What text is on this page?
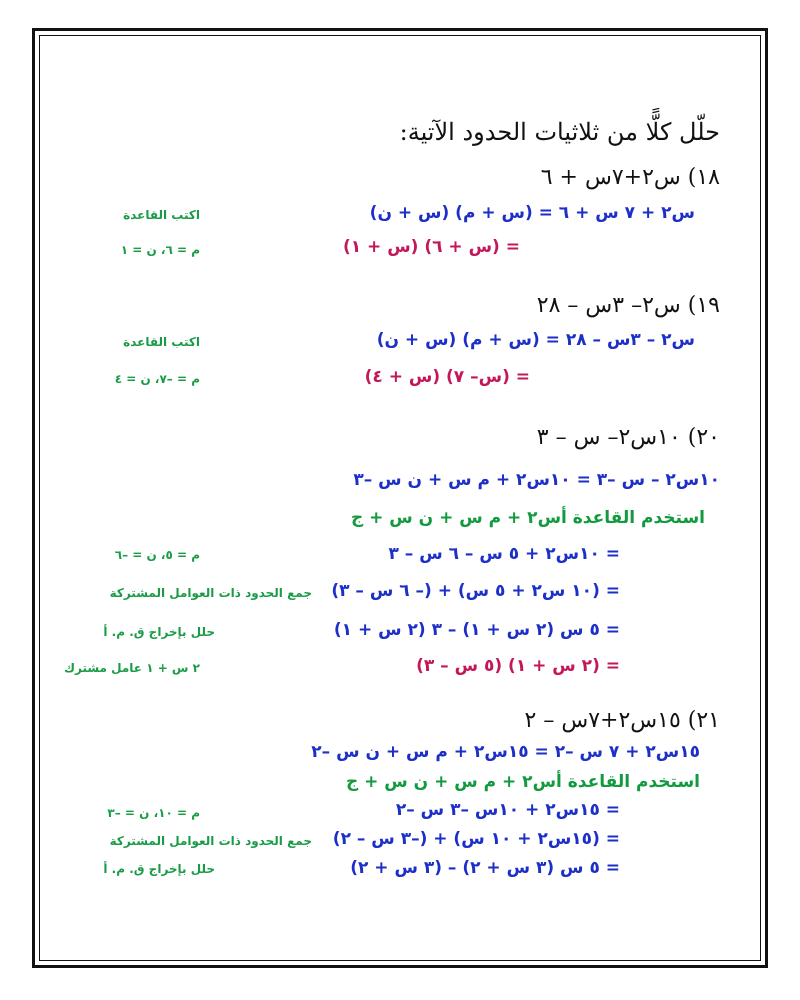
حلّل كلًّا من ثلاثيات الحدود الآتية:
١٨) س٢+٧س + ٦
س٢ + ٧ س + ٦ = (س + م) (س + ن)
اكتب القاعدة
= (س + ٦) (س + ١)
م = ٦، ن = ١
١٩) س٢– ٣س – ٢٨
س٢ – ٣س – ٢٨ = (س + م) (س + ن)
اكتب القاعدة
= (س– ٧) (س + ٤)
م = –٧، ن = ٤
٢٠) ١٠س٢– س – ٣
١٠س٢ – س –٣ = ١٠س٢ + م س + ن س –٣
استخدم القاعدة أس٢ + م س + ن س + ج
= ١٠س٢ + ٥ س – ٦ س – ٣
م = ٥، ن = –٦
= (١٠ س٢ + ٥ س) + (– ٦ س – ٣)
جمع الحدود ذات العوامل المشتركة
= ٥ س (٢ س + ١) – ٣ (٢ س + ١)
حلل بإخراج ق. م. أ
= (٢ س + ١) (٥ س – ٣)
٢ س + ١ عامل مشترك
٢١) ١٥س٢+٧س – ٢
١٥س٢ + ٧ س –٢ = ١٥س٢ + م س + ن س –٢
استخدم القاعدة أس٢ + م س + ن س + ج
= ١٥س٢ + ١٠س –٣ س –٢
م = ١٠، ن = –٣
= (١٥س٢ + ١٠ س) + (–٣ س – ٢)
جمع الحدود ذات العوامل المشتركة
= ٥ س (٣ س + ٢) – (٣ س + ٢)
حلل بإخراج ق. م. أ
